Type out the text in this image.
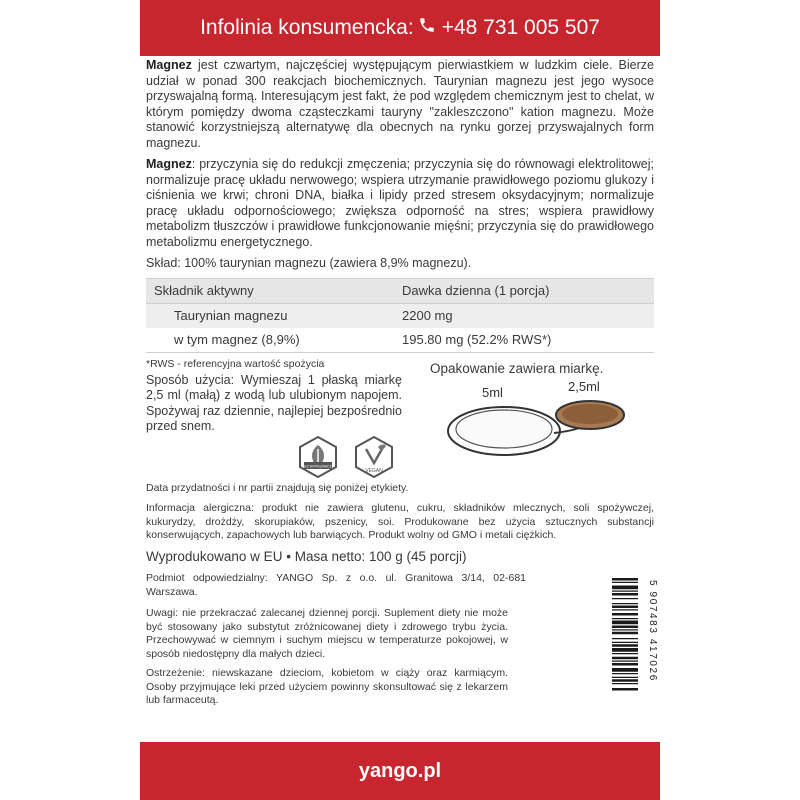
Infolinia konsumencka: +48 731 005 507

Magnez jest czwartym, najczęściej występującym pierwiastkiem w ludzkim ciele. Bierze udział w ponad 300 reakcjach biochemicznych. Taurynian magnezu jest jego wysoce przyswajalną formą. Interesującym jest fakt, że pod względem chemicznym jest to chelat, w którym pomiędzy dwoma cząsteczkami tauryny "zakleszczono" kation magnezu. Może stanowić korzystniejszą alternatywę dla obecnych na rynku gorzej przyswajalnych form magnezu.

Magnez: przyczynia się do redukcji zmęczenia; przyczynia się do równowagi elektrolitowej; normalizuje pracę układu nerwowego; wspiera utrzymanie prawidłowego poziomu glukozy i ciśnienia we krwi; chroni DNA, białka i lipidy przed stresem oksydacyjnym; normalizuje pracę układu odpornościowego; zwiększa odporność na stres; wspiera prawidłowy metabolizm tłuszczów i prawidłowe funkcjonowanie mięśni; przyczynia się do prawidłowego metabolizmu energetycznego.

Skład: 100% taurynian magnezu (zawiera 8,9% magnezu).

Składnik aktywny	Dawka dzienna (1 porcja)
Taurynian magnezu	2200 mg
w tym magnez (8,9%)	195.80 mg (52.2% RWS*)
*RWS - referencyjna wartość spożycia
Sposób użycia: Wymieszaj 1 płaską miarkę 2,5 ml (małą) z wodą lub ulubionym napojem. Spożywaj raz dziennie, najlepiej bezpośrednio przed snem.
Opakowanie zawiera miarkę.
5ml	2,5ml
BEZ WYPEŁNIACZY
VEGAN

Data przydatności i nr partii znajdują się poniżej etykiety.

Informacja alergiczna: produkt nie zawiera glutenu, cukru, składników mlecznych, soli spożywczej, kukurydzy, drożdży, skorupiaków, pszenicy, soi. Produkowane bez użycia sztucznych substancji konserwujących, zapachowych lub barwiących. Produkt wolny od GMO i metali ciężkich.

Wyprodukowano w EU • Masa netto: 100 g (45 porcji)

Podmiot odpowiedzialny: YANGO Sp. z o.o. ul. Granitowa 3/14, 02-681 Warszawa.

Uwagi: nie przekraczać zalecanej dziennej porcji. Suplement diety nie może być stosowany jako substytut zróżnicowanej diety i zdrowego trybu życia. Przechowywać w ciemnym i suchym miejscu w temperaturze pokojowej, w sposób niedostępny dla małych dzieci.

Ostrzeżenie: niewskazane dzieciom, kobietom w ciąży oraz karmiącym. Osoby przyjmujące leki przed użyciem powinny skonsultować się z lekarzem lub farmaceutą.

5 907483 417026
yango.pl
